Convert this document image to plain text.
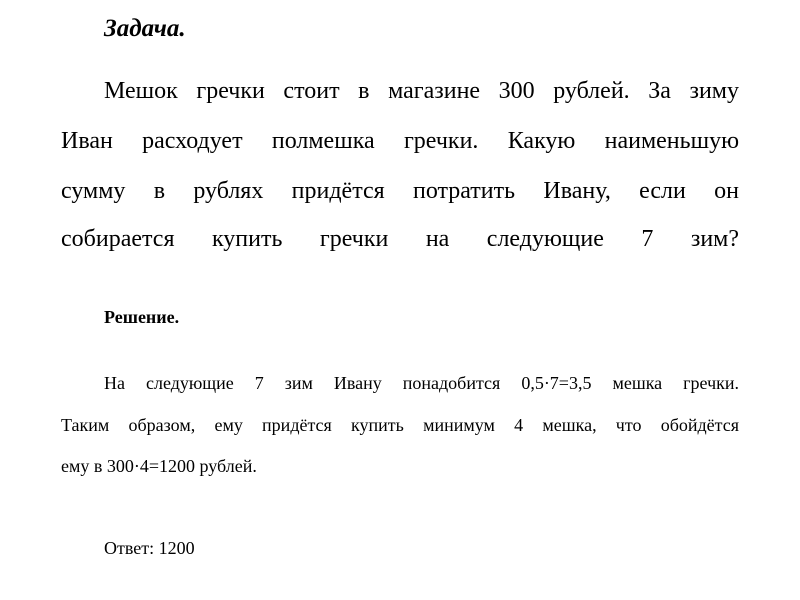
Задача.

Мешок гречки стоит в магазине 300 рублей. За зиму

Иван расходует полмешка гречки. Какую наименьшую

сумму в рублях придётся потратить Ивану, если он

собирается купить гречки на следующие 7 зим?

Решение.

На следующие 7 зим Ивану понадобится 0,5·7=3,5 мешка гречки.

Таким образом, ему придётся купить минимум 4 мешка, что обойдётся

ему в 300·4=1200 рублей.

Ответ: 1200
